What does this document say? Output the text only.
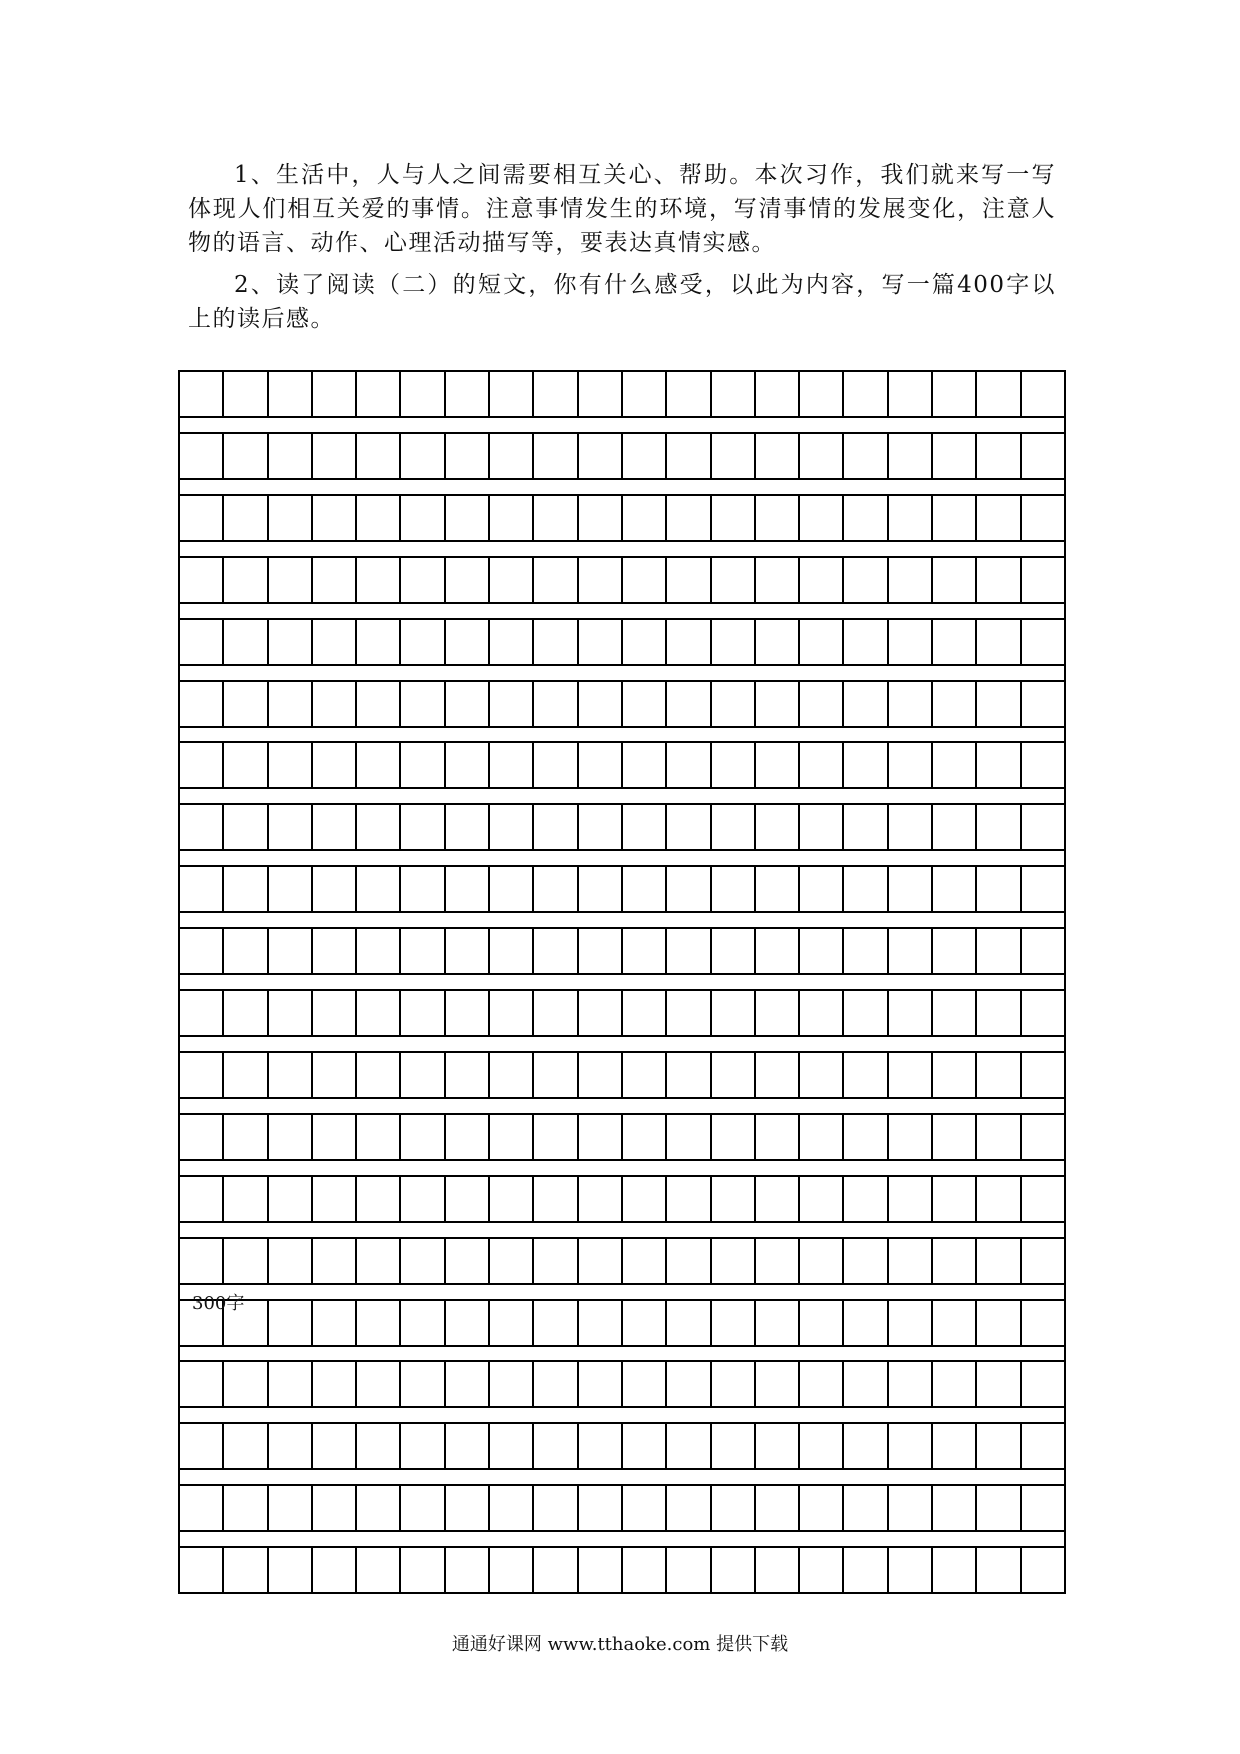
1、生活中，人与人之间需要相互关心、帮助。本次习作，我们就来写一写体现人们相互关爱的事情。注意事情发生的环境，写清事情的发展变化，注意人物的语言、动作、心理活动描写等，要表达真情实感。
2、读了阅读（二）的短文，你有什么感受，以此为内容，写一篇400字以上的读后感。
300字
通通好课网 www.tthaoke.com 提供下载
